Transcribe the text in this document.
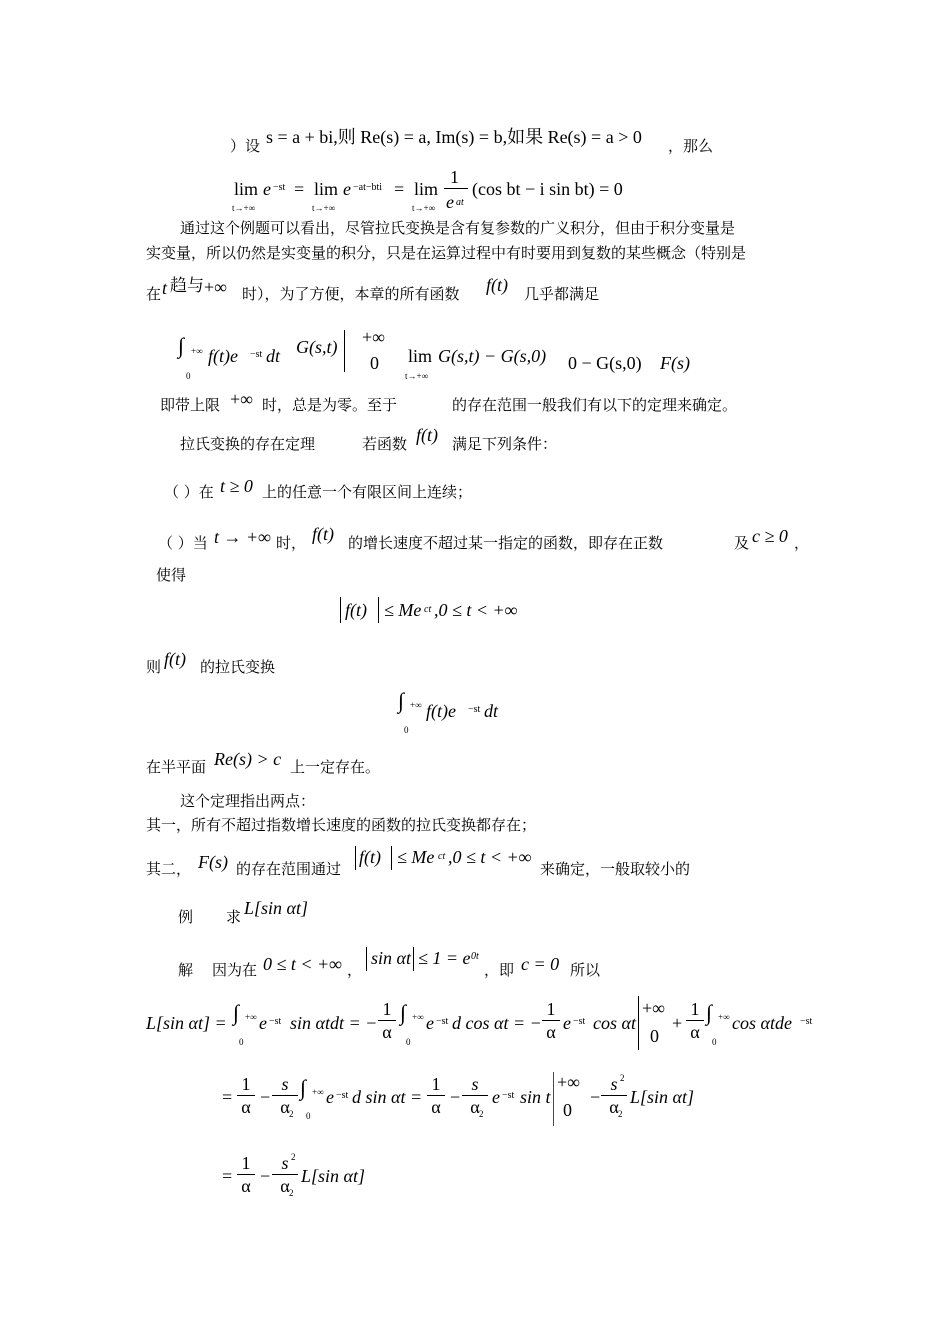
）设 s = a + bi,则 Re(s) = a, Im(s) = b,如果 Re(s) = a > 0 ，那么
lim
t→+∞
e −st = lim
t→+∞
e −at−bti = lim
t→+∞
1
e at
(cos bt − i sin bt) = 0
通过这个例题可以看出，尽管拉氏变换是含有复参数的广义积分，但由于积分变量是
实变量，所以仍然是实变量的积分，只是在运算过程中有时要用到复数的某些概念（特别是
在 t 趋与 +∞ 时），为了方便，本章的所有函数 f(t) 几乎都满足
∫ +∞
0
f(t)e −st dt G(s,t) +∞
0 lim
t→+∞
G(s,t) − G(s,0) 0 − G(s,0) F(s)
即带上限 +∞ 时，总是为零。至于	的存在范围一般我们有以下的定理来确定。
拉氏变换的存在定理	若函数 f(t) 满足下列条件：
（ ）在 t ≥ 0 上的任意一个有限区间上连续；
（ ）当 t → +∞ 时， f(t) 的增长速度不超过某一指定的函数，即存在正数	及 c ≥ 0 ，
使得
f(t) ≤ Me ct ,0 ≤ t < +∞
则 f(t) 的拉氏变换
∫ +∞
0
f(t)e −st dt
在半平面 Re(s) > c 上一定存在。
这个定理指出两点：
其一，所有不超过指数增长速度的函数的拉氏变换都存在；
其二， F(s) 的存在范围通过
f(t) ≤ Me ct ,0 ≤ t < +∞
来确定，一般取较小的
例 求 L[sin αt]
解 因为在 0 ≤ t < +∞ ，
sin αt ≤ 1 = e 0t
，即 c = 0 所以
L[sin αt] = ∫ +∞
0
e −st sin αtdt = −
1
α
∫ +∞
0
e −st d cos αt = −
1
α e −st cos αt
+∞
0
+
1
α
∫ +∞
0
cos αtde −st
=
1
α −
s
α 2
∫ +∞
0
e −st d sin αt =
1
α −
s
α 2
e −st sin t
+∞
0
−
s
α
2
2
L[sin αt]
=
1
α −
s
α
2
2
L[sin αt]
